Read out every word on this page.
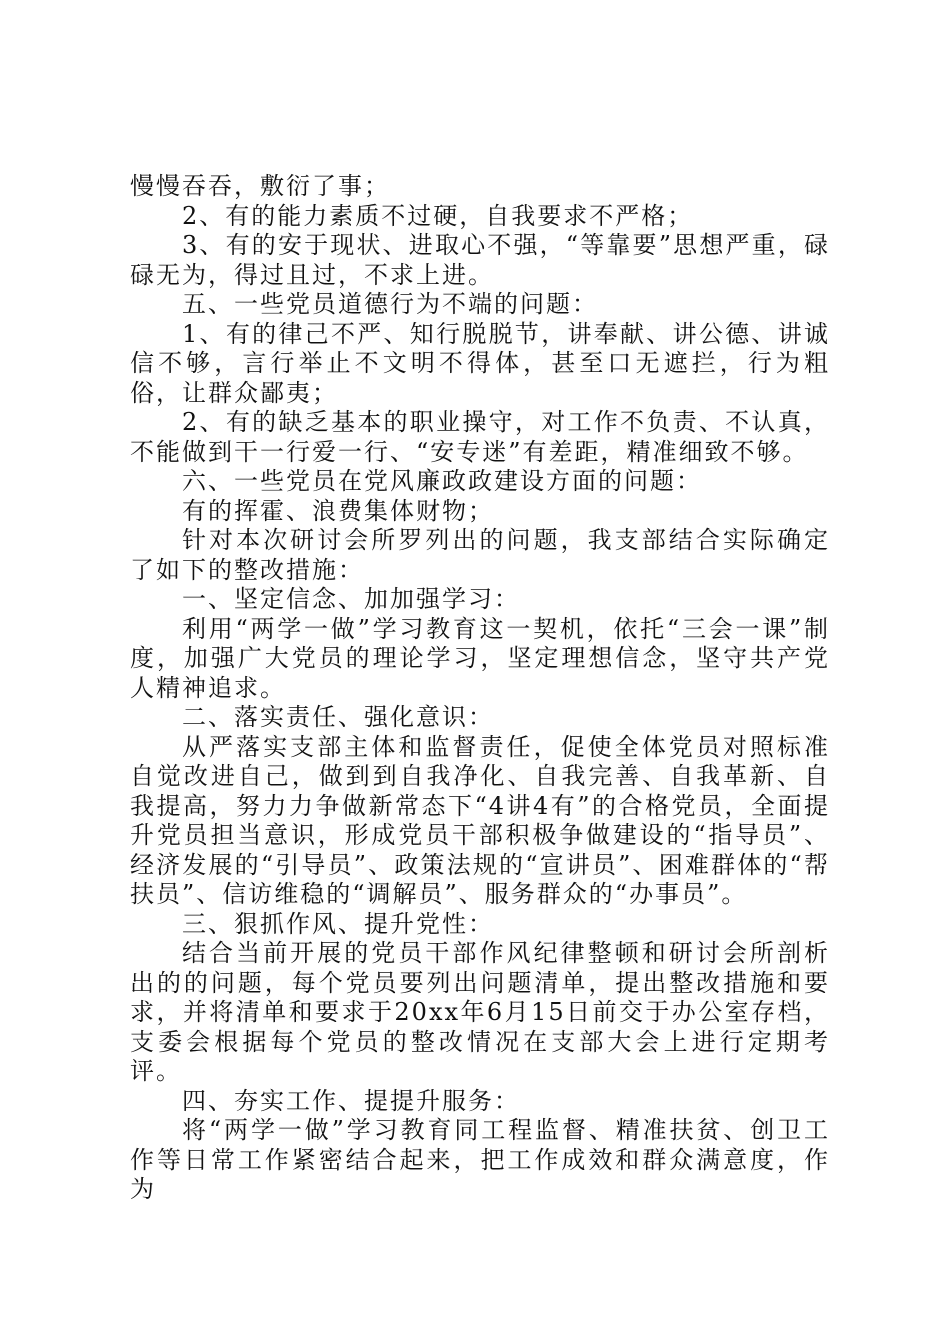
慢慢吞吞，敷衍了事；

2、有的能力素质不过硬，自我要求不严格；

3、有的安于现状、进取心不强，“等靠要”思想严重，碌碌无为，得过且过，不求上进。

五、一些党员道德行为不端的问题：

1、有的律己不严、知行脱脱节，讲奉献、讲公德、讲诚信不够，言行举止不文明不得体，甚至口无遮拦，行为粗俗，让群众鄙夷；

2、有的缺乏基本的职业操守，对工作不负责、不认真，不能做到干一行爱一行、“安专迷”有差距，精准细致不够。

六、一些党员在党风廉政政建设方面的问题：

有的挥霍、浪费集体财物；

针对本次研讨会所罗列出的问题，我支部结合实际确定了如下的整改措施：

一、坚定信念、加加强学习：

利用“两学一做”学习教育这一契机，依托“三会一课”制度，加强广大党员的理论学习，坚定理想信念，坚守共产党人精神追求。

二、落实责任、强化意识：

从严落实支部主体和监督责任，促使全体党员对照标准自觉改进自己，做到到自我净化、自我完善、自我革新、自我提高，努力力争做新常态下“4讲4有”的合格党员，全面提升党员担当意识，形成党员干部积极争做建设的“指导员”、经济发展的“引导员”、政策法规的“宣讲员”、困难群体的“帮扶员”、信访维稳的“调解员”、服务群众的“办事员”。

三、狠抓作风、提升党性：

结合当前开展的党员干部作风纪律整顿和研讨会所剖析出的的问题，每个党员要列出问题清单，提出整改措施和要求，并将清单和要求于20xx年6月15日前交于办公室存档，支委会根据每个党员的整改情况在支部大会上进行定期考评。

四、夯实工作、提提升服务：

将“两学一做”学习教育同工程监督、精准扶贫、创卫工作等日常工作紧密结合起来，把工作成效和群众满意度，作为
